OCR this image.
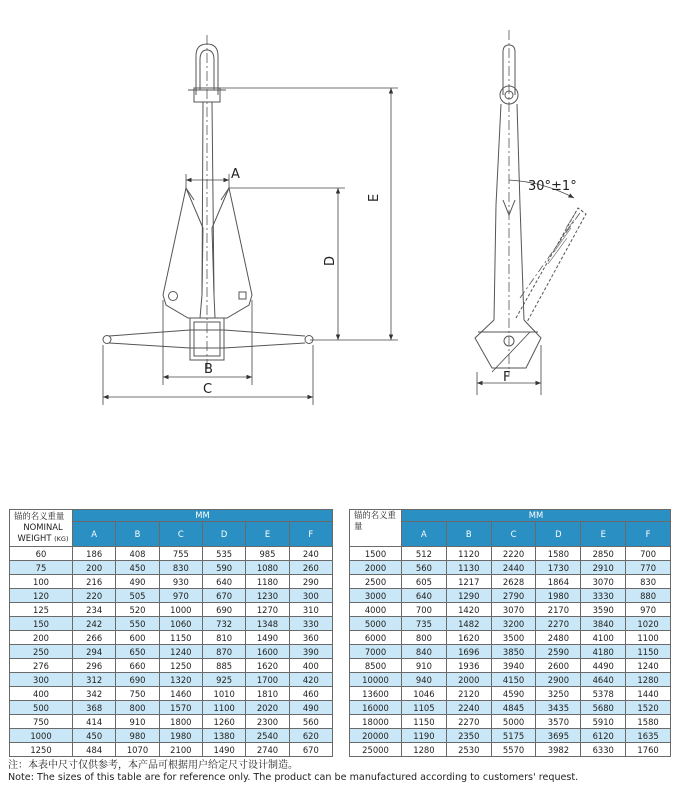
A
B
C
D
E
30°±1°
F
锚的名义重量
NOMINAL WEIGHT (KG)	MM					
	A	B	C	D	E	F
60	186	408	755	535	985	240
75	200	450	830	590	1080	260
100	216	490	930	640	1180	290
120	220	505	970	670	1230	300
125	234	520	1000	690	1270	310
150	242	550	1060	732	1348	330
200	266	600	1150	810	1490	360
250	294	650	1240	870	1600	390
276	296	660	1250	885	1620	400
300	312	690	1320	925	1700	420
400	342	750	1460	1010	1810	460
500	368	800	1570	1100	2020	490
750	414	910	1800	1260	2300	560
1000	450	980	1980	1380	2540	620
1250	484	1070	2100	1490	2740	670
锚的名义重量	MM					
	A	B	C	D	E	F
1500	512	1120	2220	1580	2850	700
2000	560	1130	2440	1730	2910	770
2500	605	1217	2628	1864	3070	830
3000	640	1290	2790	1980	3330	880
4000	700	1420	3070	2170	3590	970
5000	735	1482	3200	2270	3840	1020
6000	800	1620	3500	2480	4100	1100
7000	840	1696	3850	2590	4180	1150
8500	910	1936	3940	2600	4490	1240
10000	940	2000	4150	2900	4640	1280
13600	1046	2120	4590	3250	5378	1440
16000	1105	2240	4845	3435	5680	1520
18000	1150	2270	5000	3570	5910	1580
20000	1190	2350	5175	3695	6120	1635
25000	1280	2530	5570	3982	6330	1760
注：本表中尺寸仅供参考，本产品可根据用户给定尺寸设计制造。
Note: The sizes of this table are for reference only. The product can be manufactured according to customers' request.
